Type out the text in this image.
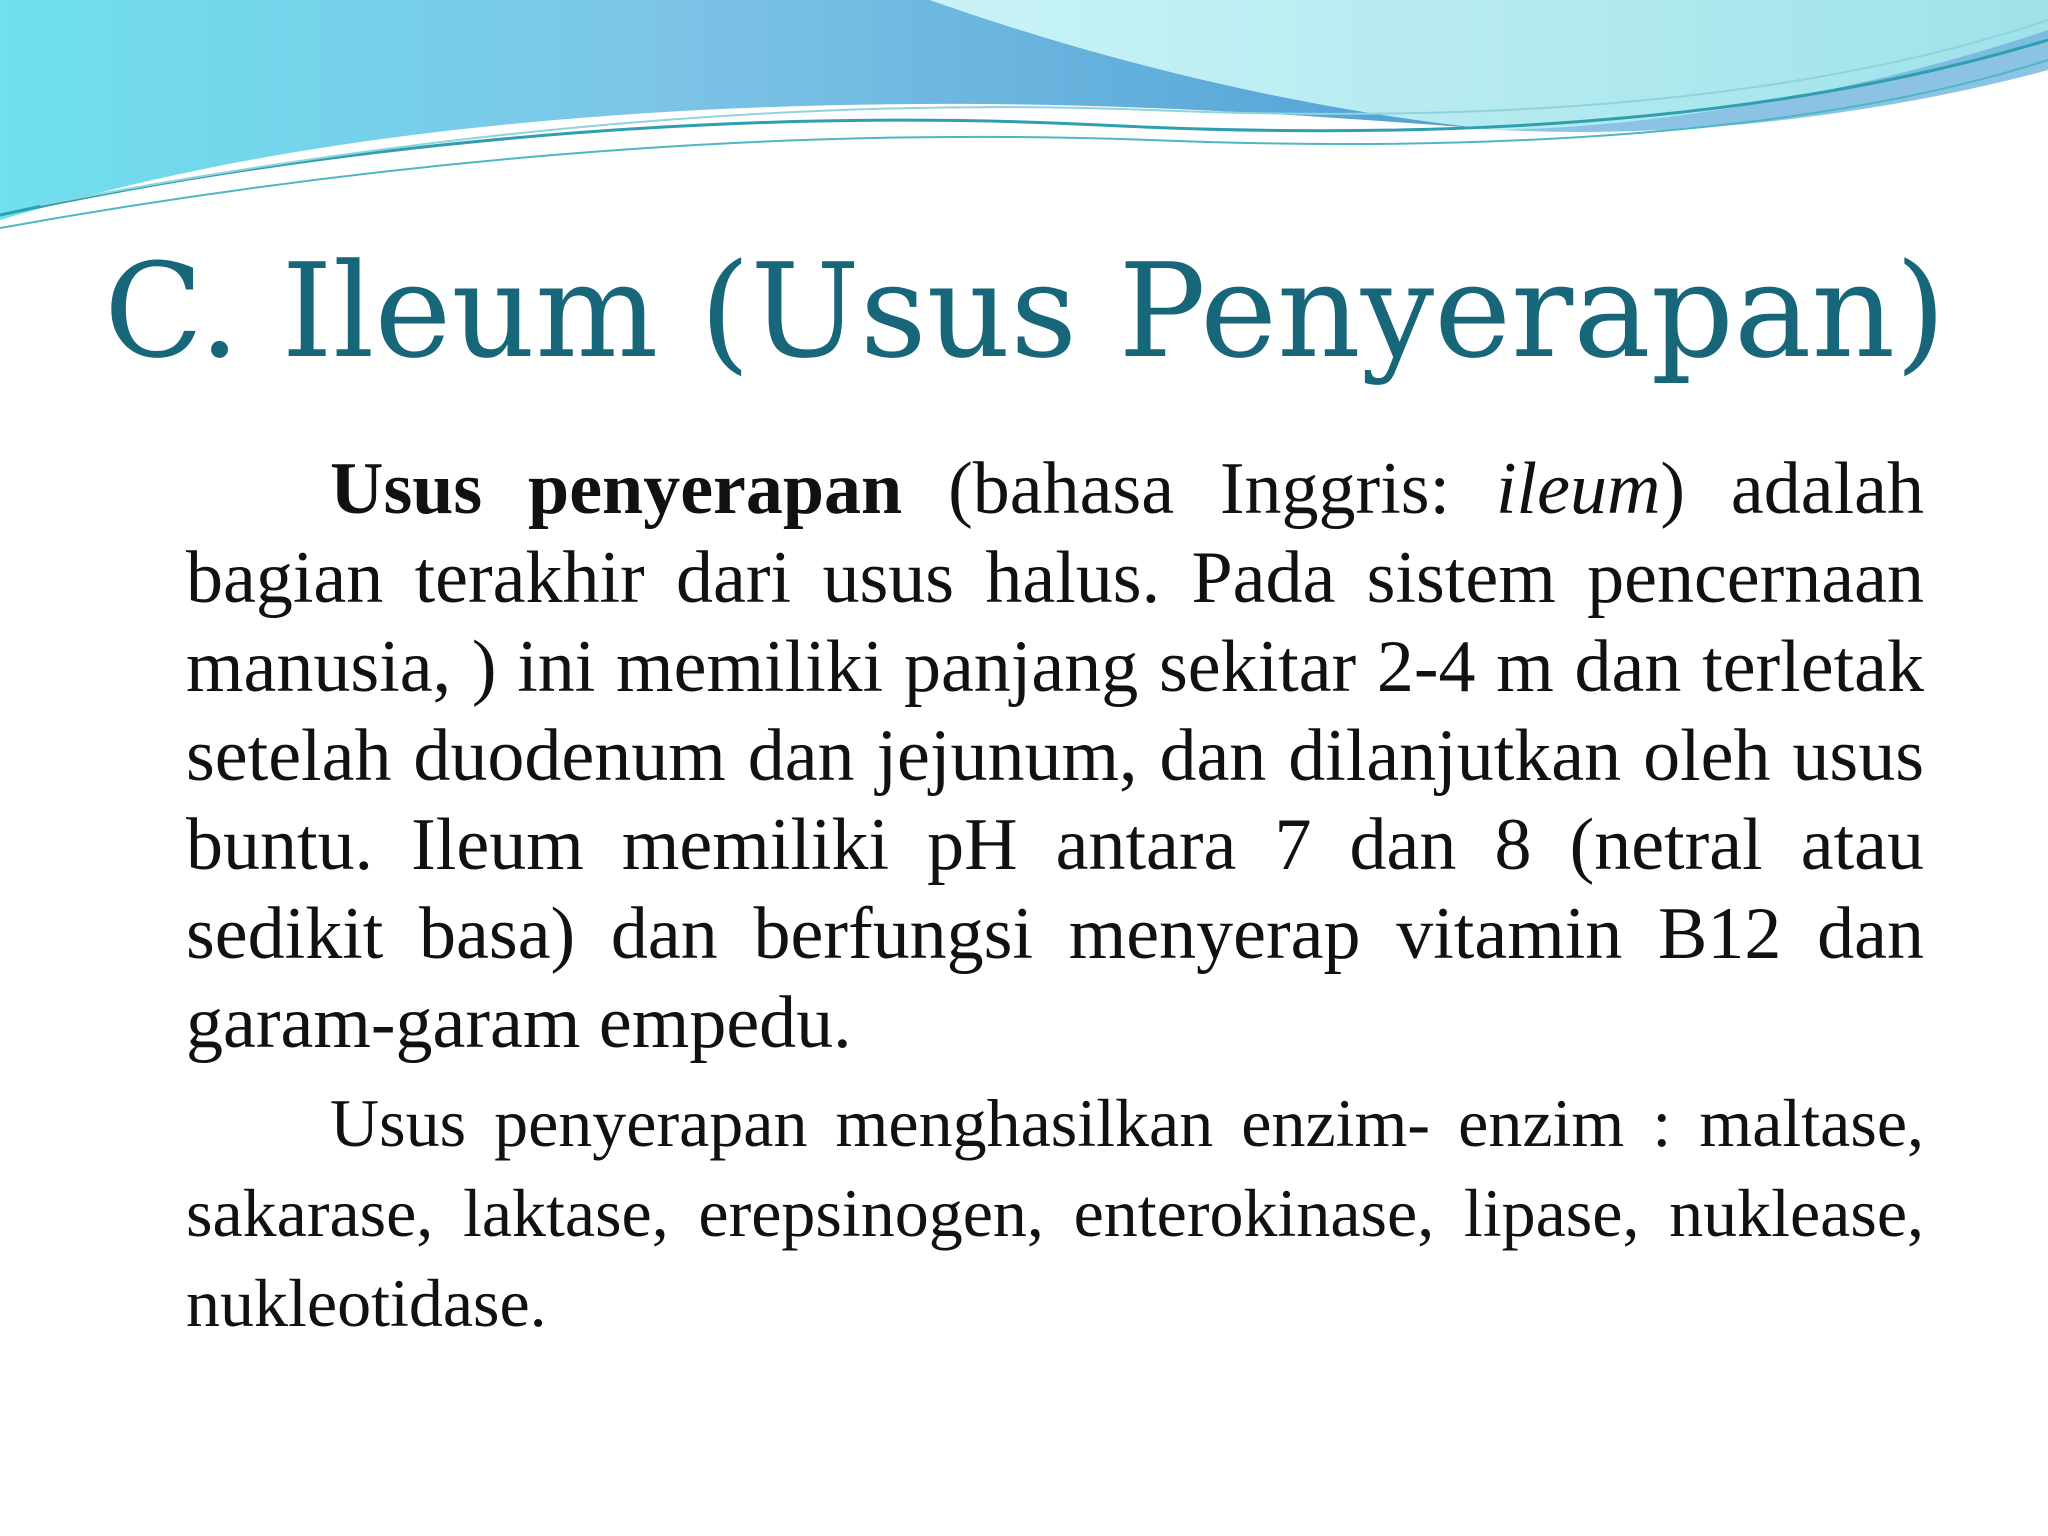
C. Ileum (Usus Penyerapan)

Usus penyerapan (bahasa Inggris: ileum) adalah bagian terakhir dari usus halus. Pada sistem pencernaan manusia, ) ini memiliki panjang sekitar 2-4 m dan terletak setelah duodenum dan jejunum, dan dilanjutkan oleh usus buntu. Ileum memiliki pH antara 7 dan 8 (netral atau sedikit basa) dan berfungsi menyerap vitamin B12 dan garam-garam empedu.

Usus penyerapan menghasilkan enzim- enzim : maltase, sakarase, laktase, erepsinogen, enterokinase, lipase, nuklease, nukleotidase.
